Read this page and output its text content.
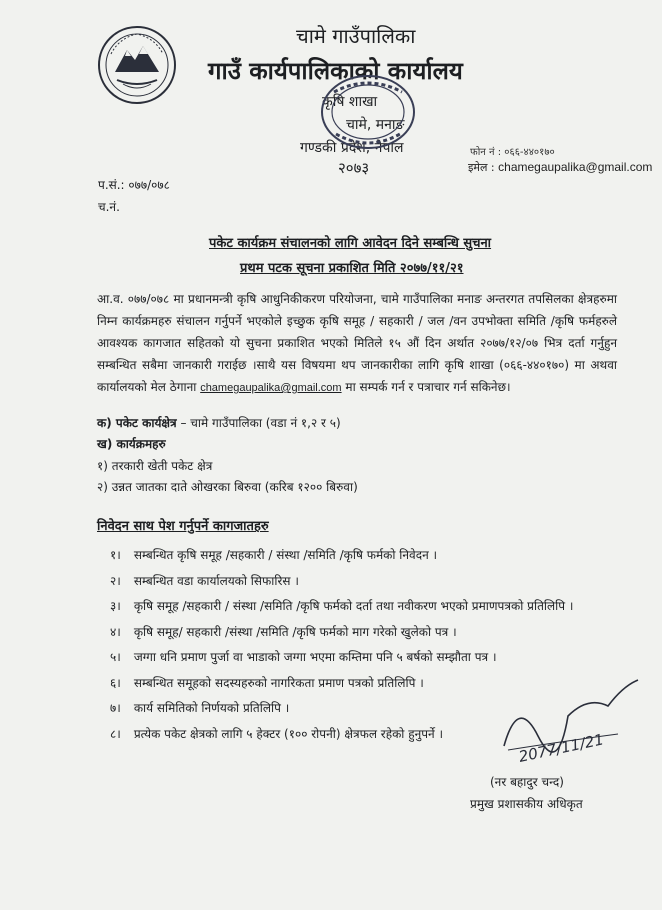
चामे गाउँपालिका
गाउँ कार्यपालिकाको कार्यालय
कृषि शाखा
चामे, मनाङ
गण्डकी प्रदेश, नेपाल
२०७३
फोन नं : ०६६-४४०१७०
इमेल : chamegaupalika@gmail.com
प.सं.: ०७७/०७८
च.नं.
पकेट कार्यक्रम संचालनको लागि आवेदन दिने सम्बन्धि सुचना
प्रथम पटक सूचना प्रकाशित मिति २०७७/११/२१
आ.व. ०७७/०७८ मा प्रधानमन्त्री कृषि आधुनिकीकरण परियोजना, चामे गाउँपालिका मनाङ अन्तरगत तपसिलका क्षेत्रहरुमा निम्न कार्यक्रमहरु संचालन गर्नुपर्ने भएकोले इच्छुक कृषि समूह / सहकारी / जल /वन उपभोक्ता समिति /कृषि फर्महरुले आवश्यक कागजात सहितको यो सुचना प्रकाशित भएको मितिले १५ औं दिन अर्थात २०७७/१२/०७ भित्र दर्ता गर्नुहुन सम्बन्धित सबैमा जानकारी गराईछ ।साथै यस विषयमा थप जानकारीका लागि कृषि शाखा (०६६-४४०१७०) मा अथवा कार्यालयको मेल ठेगाना chamegaupalika@gmail.com मा सम्पर्क गर्न र पत्राचार गर्न सकिनेछ।
क) पकेट कार्यक्षेत्र – चामे गाउँपालिका (वडा नं १,२ र ५)
ख) कार्यक्रमहरु
१) तरकारी खेती पकेट क्षेत्र
२) उन्नत जातका दाते ओखरका बिरुवा (करिब १२०० बिरुवा)
निवेदन साथ पेश गर्नुपर्ने कागजातहरु
१। सम्बन्धित कृषि समूह /सहकारी / संस्था /समिति /कृषि फर्मको निवेदन ।
२। सम्बन्धित वडा कार्यालयको सिफारिस ।
३। कृषि समूह /सहकारी / संस्था /समिति /कृषि फर्मको दर्ता तथा नवीकरण भएको प्रमाणपत्रको प्रतिलिपि ।
४। कृषि समूह/ सहकारी /संस्था /समिति /कृषि फर्मको माग गरेको खुलेको पत्र ।
५। जग्गा धनि प्रमाण पुर्जा वा भाडाको जग्गा भएमा कम्तिमा पनि ५ बर्षको सम्झौता पत्र ।
६। सम्बन्धित समूहको सदस्यहरुको नागरिकता प्रमाण पत्रको प्रतिलिपि ।
७। कार्य समितिको निर्णयको प्रतिलिपि ।
८। प्रत्येक पकेट क्षेत्रको लागि ५ हेक्टर (१०० रोपनी) क्षेत्रफल रहेको हुनुपर्ने ।	2077/11/21
(नर बहादुर चन्द)
प्रमुख प्रशासकीय अधिकृत
